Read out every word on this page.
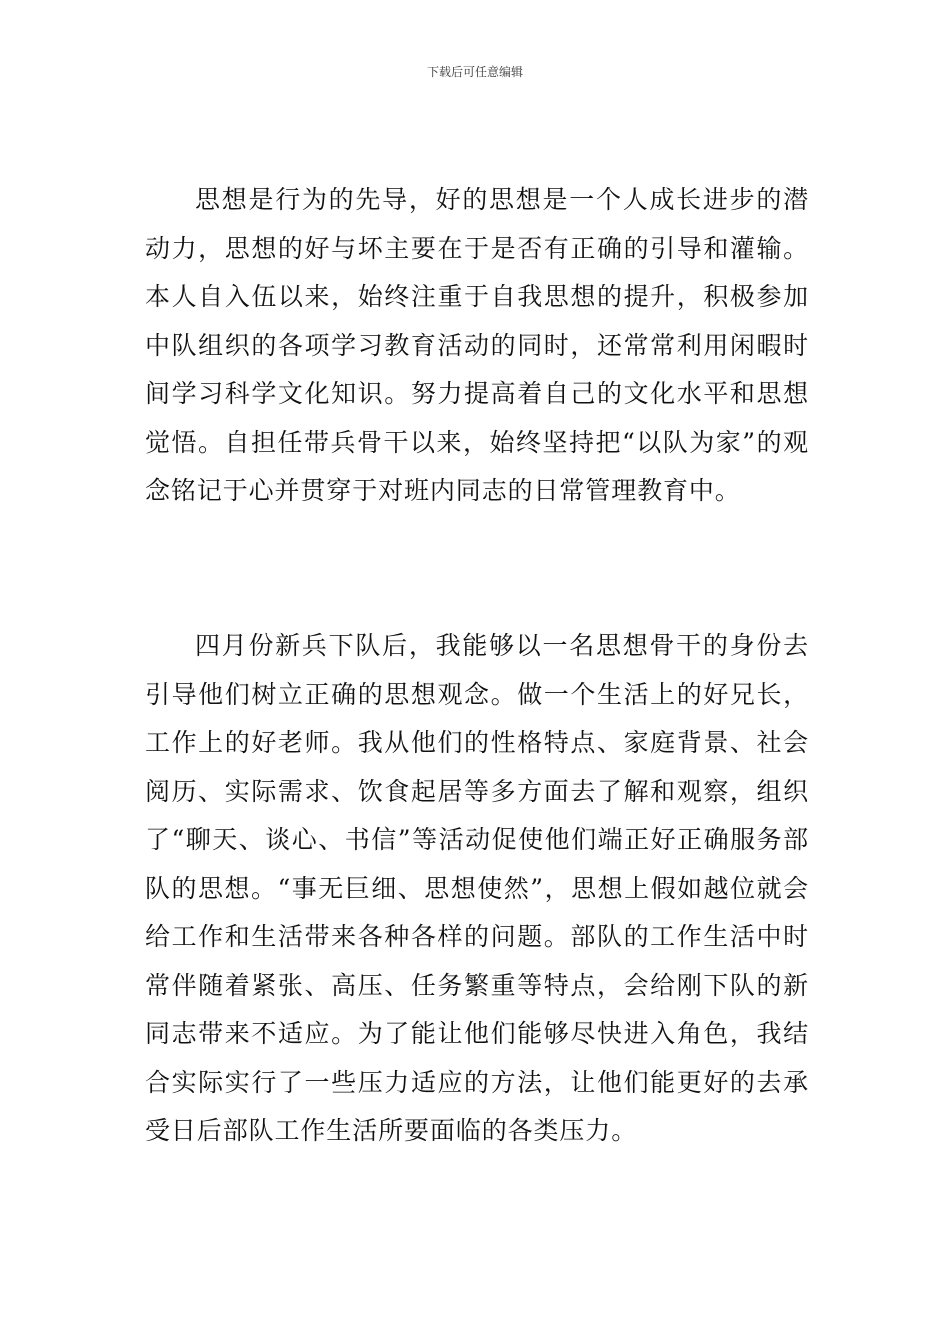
下载后可任意编辑

思想是行为的先导，好的思想是一个人成长进步的潜动力，思想的好与坏主要在于是否有正确的引导和灌输。本人自入伍以来，始终注重于自我思想的提升，积极参加中队组织的各项学习教育活动的同时，还常常利用闲暇时间学习科学文化知识。努力提高着自己的文化水平和思想觉悟。自担任带兵骨干以来，始终坚持把“以队为家”的观念铭记于心并贯穿于对班内同志的日常管理教育中。

四月份新兵下队后，我能够以一名思想骨干的身份去引导他们树立正确的思想观念。做一个生活上的好兄长，工作上的好老师。我从他们的性格特点、家庭背景、社会阅历、实际需求、饮食起居等多方面去了解和观察，组织了“聊天、谈心、书信”等活动促使他们端正好正确服务部队的思想。“事无巨细、思想使然”，思想上假如越位就会给工作和生活带来各种各样的问题。部队的工作生活中时常伴随着紧张、高压、任务繁重等特点，会给刚下队的新同志带来不适应。为了能让他们能够尽快进入角色，我结合实际实行了一些压力适应的方法，让他们能更好的去承受日后部队工作生活所要面临的各类压力。
